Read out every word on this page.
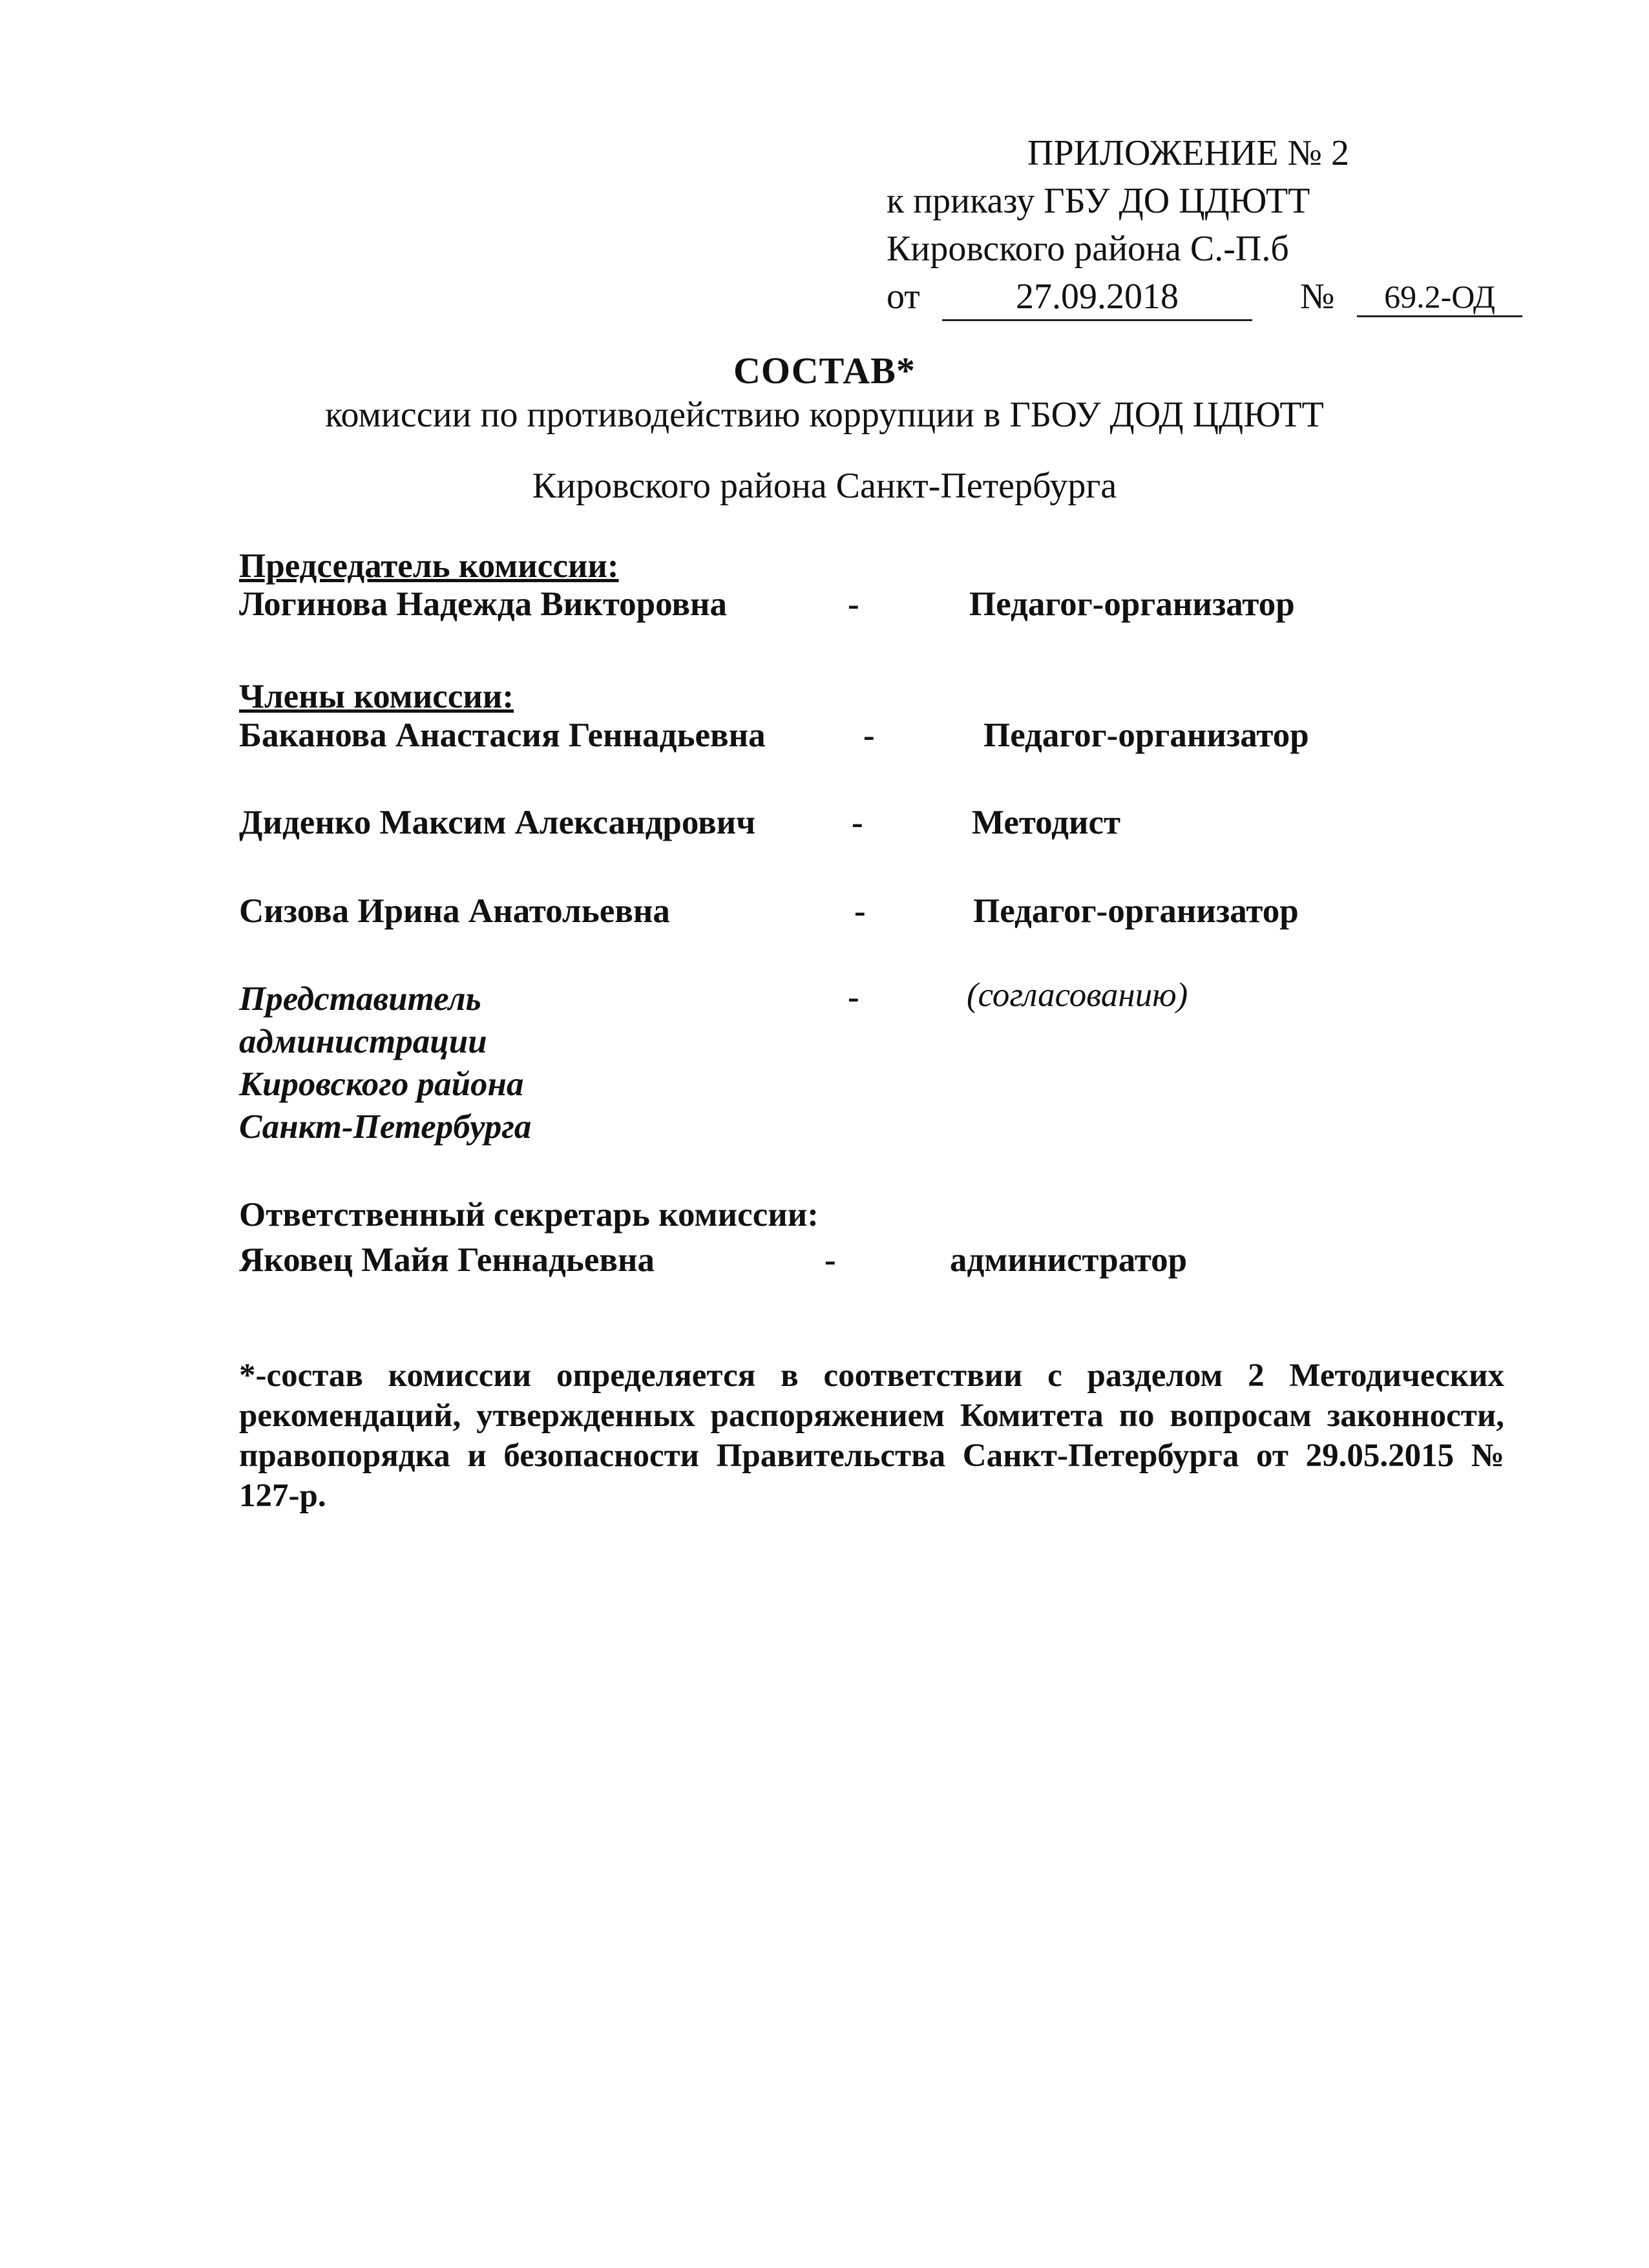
ПРИЛОЖЕНИЕ № 2
к приказу ГБУ ДО ЦДЮТТ
Кировского района С.-П.б
от	27.09.2018	№	69.2-ОД
СОСТАВ*
комиссии по противодействию коррупции в ГБОУ ДОД ЦДЮТТ
Кировского района Санкт-Петербурга
Председатель комиссии:
Логинова Надежда Викторовна	-	Педагог-организатор
Члены комиссии:
Баканова Анастасия Геннадьевна	-	Педагог-организатор
Диденко Максим Александрович	-	Методист
Сизова Ирина Анатольевна	-	Педагог-организатор
Представитель
администрации
Кировского района
Санкт-Петербурга
-	(согласованию)
Ответственный секретарь комиссии:
Яковец Майя Геннадьевна	-	администратор
*-состав комиссии определяется в соответствии с разделом 2 Методических рекомендаций, утвержденных распоряжением Комитета по вопросам законности, правопорядка и безопасности Правительства Санкт-Петербурга от 29.05.2015 № 127-р.
